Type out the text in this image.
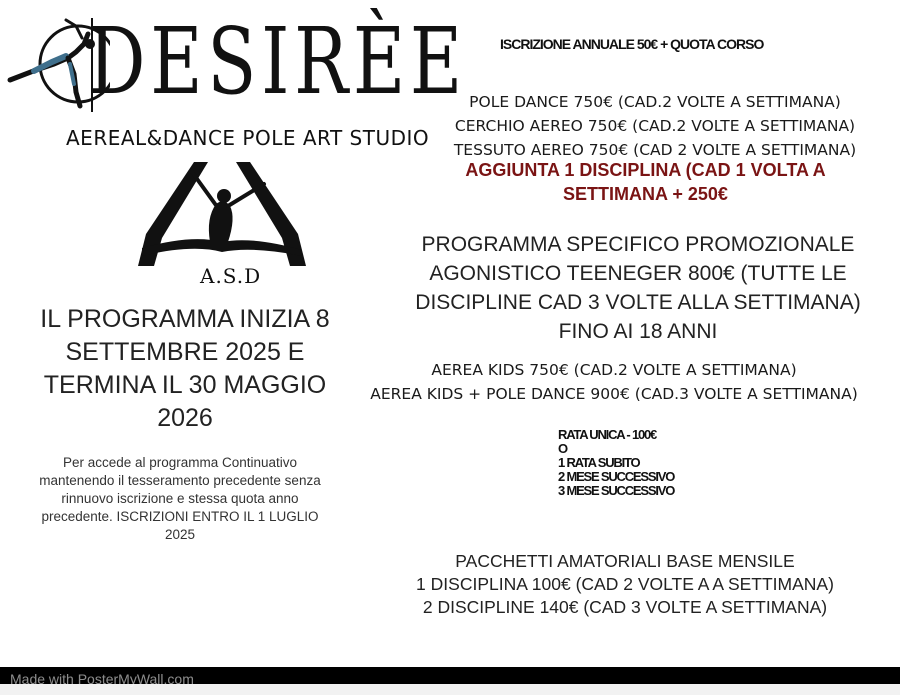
DESIRÈE
AEREAL&DANCE POLE ART STUDIO
A.S.D
ISCRIZIONE ANNUALE 50€ + QUOTA CORSO
POLE DANCE 750€ (CAD.2 VOLTE A SETTIMANA)
CERCHIO AEREO 750€ (CAD.2 VOLTE A SETTIMANA)
TESSUTO AEREO 750€ (CAD 2 VOLTE A SETTIMANA)
AGGIUNTA 1 DISCIPLINA (CAD 1 VOLTA A SETTIMANA + 250€
PROGRAMMA SPECIFICO PROMOZIONALE AGONISTICO TEENEGER 800€ (TUTTE LE DISCIPLINE CAD 3 VOLTE ALLA SETTIMANA) FINO AI 18 ANNI
AEREA KIDS 750€ (CAD.2 VOLTE A SETTIMANA)
AEREA KIDS + POLE DANCE 900€ (CAD.3 VOLTE A SETTIMANA)
RATA UNICA - 100€
O
1 RATA SUBITO
2 MESE SUCCESSIVO
3 MESE SUCCESSIVO
IL PROGRAMMA INIZIA 8 SETTEMBRE 2025 E TERMINA IL 30 MAGGIO 2026
Per accede al programma Continuativo mantenendo il tesseramento precedente senza rinnuovo iscrizione e stessa quota anno precedente. ISCRIZIONI ENTRO IL 1 LUGLIO 2025
PACCHETTI AMATORIALI BASE MENSILE
1 DISCIPLINA 100€ (CAD 2 VOLTE A A SETTIMANA)
2 DISCIPLINE 140€ (CAD 3 VOLTE A SETTIMANA)
Made with PosterMyWall.com
